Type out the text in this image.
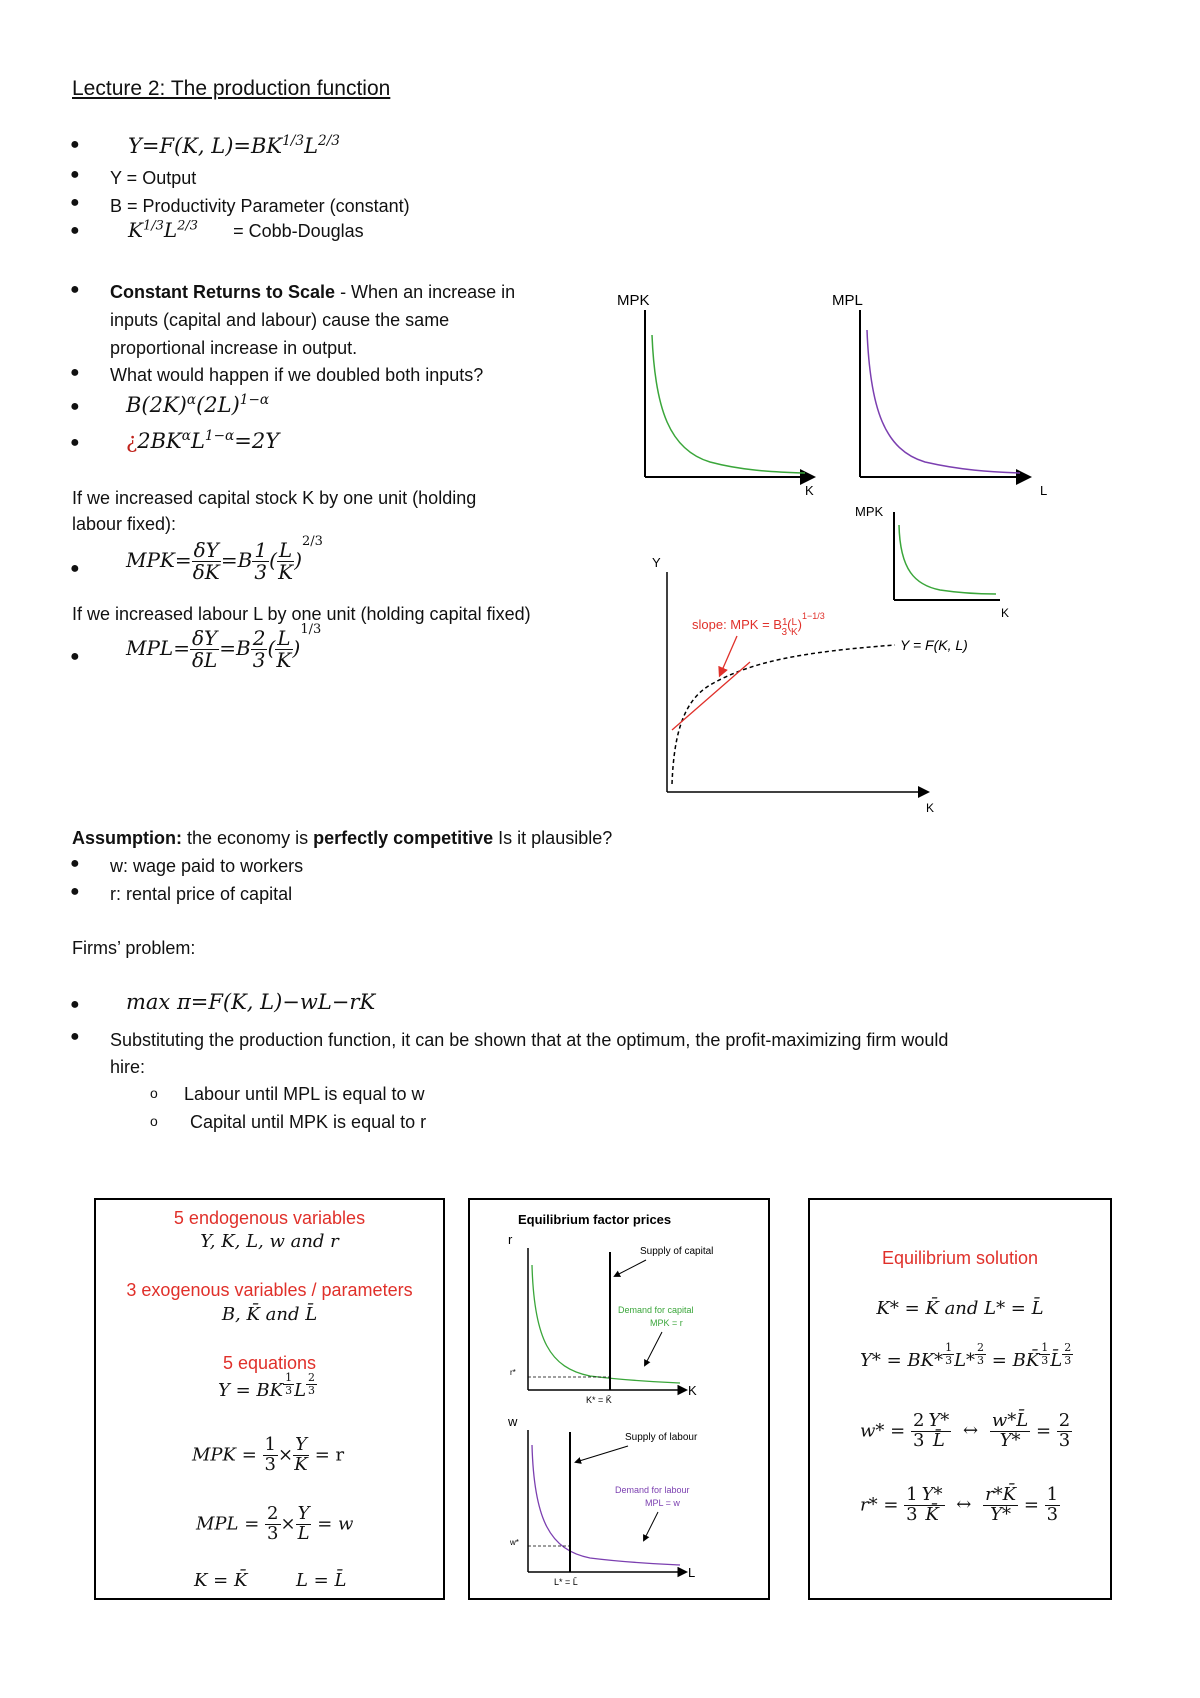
Lecture 2: The production function
● Y=F(K, $L)=BK^{1/3}L^{2/3}$
● Y = Output
● B = Productivity Parameter (constant)
● $K^{1/3}L^{2/3}$ = Cobb-Douglas
● Constant Returns to Scale - When an increase in
inputs (capital and labour) cause the same
proportional increase in output.
● What would happen if we doubled both inputs?
● $B(2K)^\alpha(2L)^{1-\alpha}$
● ¿$2BK^\alpha L^{1-\alpha}=2Y$
If we increased capital stock K by one unit (holding
labour fixed):
● $MPK= \frac{\delta Y}{\delta K} =B \frac{1}{3}$ ( $\frac{L}{K} )^{2/3}$
If we increased labour L by one unit (holding capital fixed)
● $MPL= \frac{\delta Y}{\delta L} =B \frac{2}{3}$ ( $\frac{L}{K} )^{1/3}$
MPK
K
MPL
L
MPK
K
Y
K
slope: MPK = $B^1$ 3($^L$ K)$^{1-1/3}$
Y = F(K, L)
Assumption: the economy is perfectly competitive Is it plausible?
● w: wage paid to workers
● r: rental price of capital
Firms’ problem:
● max π=F(K, L)−wL−rK
● Substituting the production function, it can be shown that at the optimum, the profit-maximizing firm would
hire:
o Labour until MPL is equal to w
o Capital until MPK is equal to r
5 endogenous variables
Y, K, L, w and r
3 exogenous variables / parameters
B, K̄ and L̄
5 equations
Y = BK $\frac{1}{3}$ L $\frac{2}{3}$
MPK = $\frac{1}{3} \times \frac{Y}{K} = r$
MPL = $\frac{2}{3} \times \frac{Y}{L} = w$
K = K̄	L = L̄
Equilibrium factor prices
r
K
r*
K* = K̄
Supply of capital
Demand for capital
MPK = r
w
L
w*
L* = L̄
Supply of labour
Demand for labour
MPL = w
Equilibrium solution
K* = K̄ and L* = L̄
$Y* = BK* \frac{1}{3} L* \frac{2}{3}$ = BK̄ $\frac{1}{3}$ L̄ $\frac{2}{3}$
$w* = \frac{2}{3} \frac{Y*}{L̄}$ ↔ $\frac{w*L̄}{Y*} = \frac{2}{3}$
$r* = \frac{1}{3} \frac{Y*}{K̄}$ ↔ $\frac{r*K̄}{Y*} = \frac{1}{3}$
